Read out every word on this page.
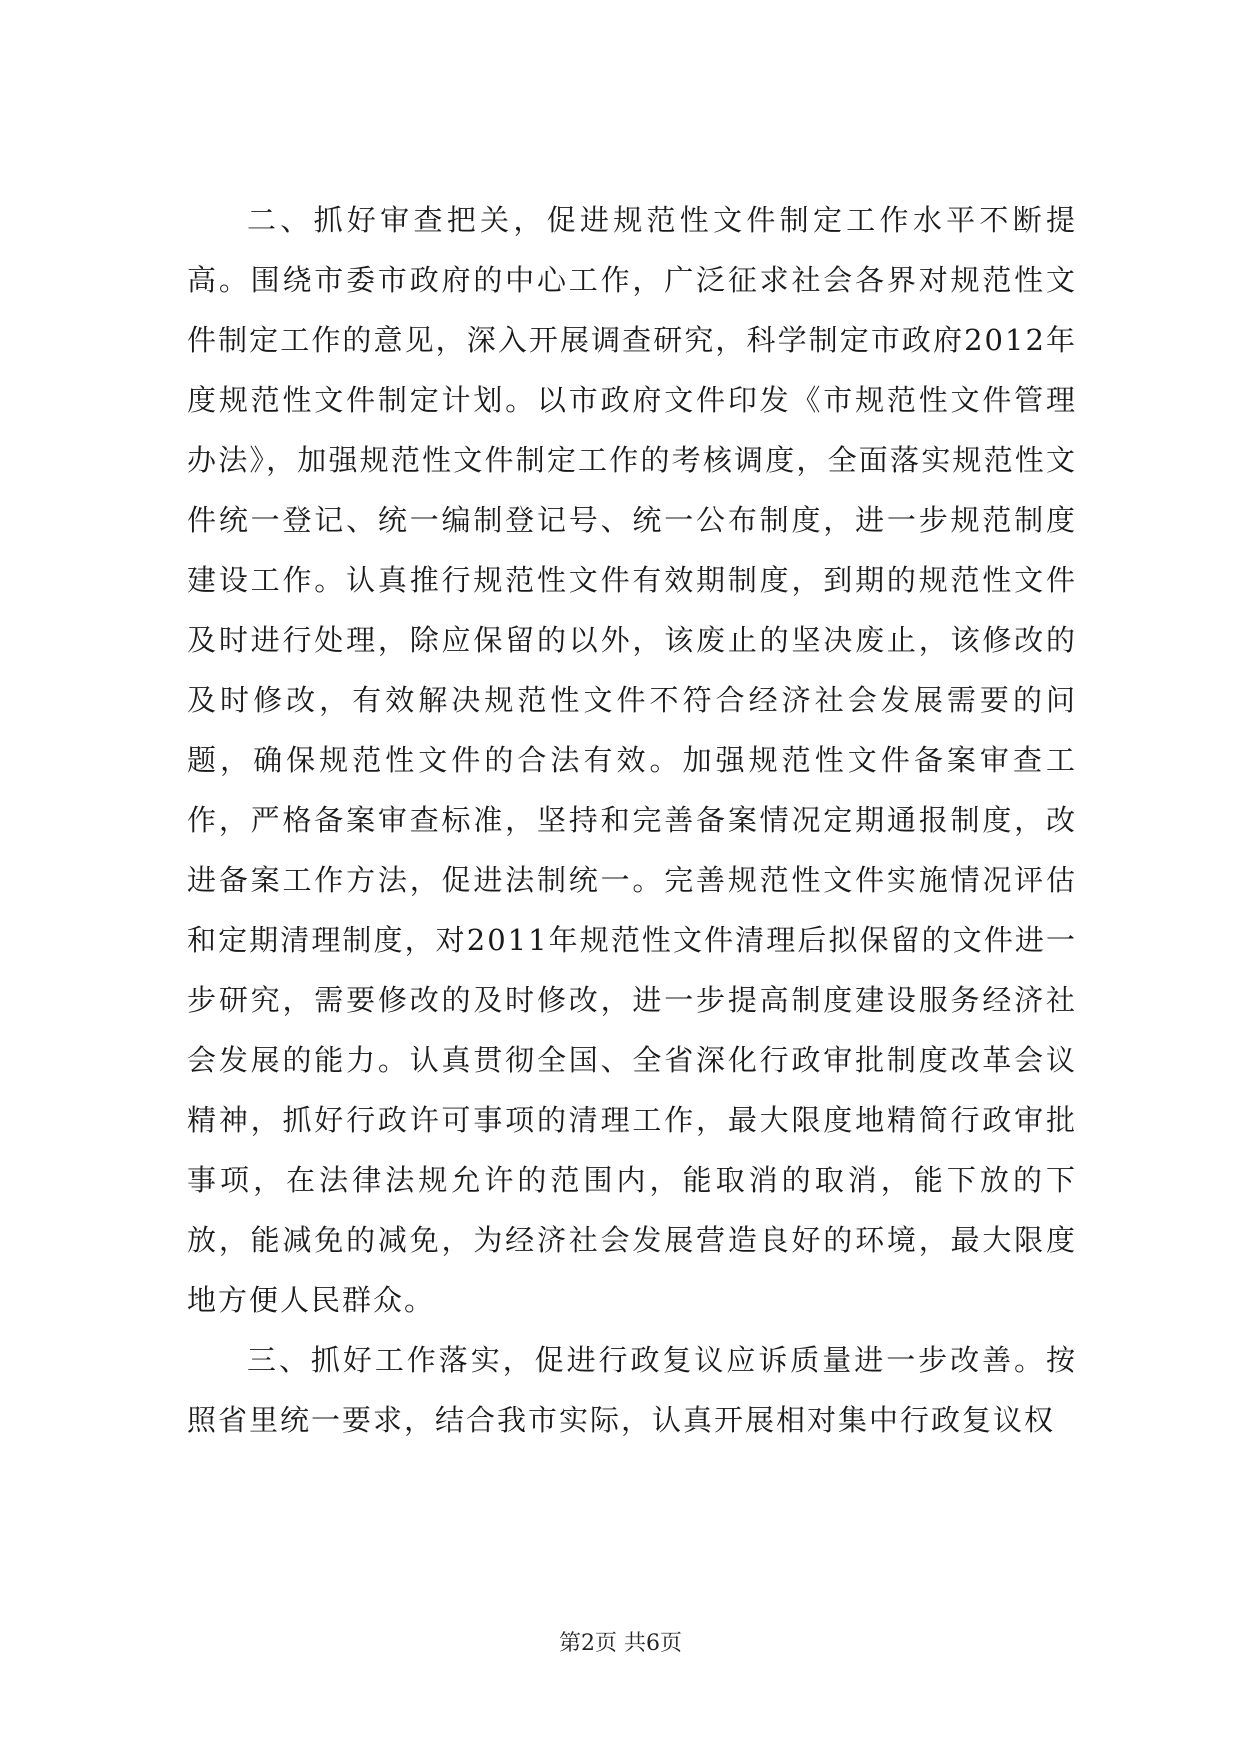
二、抓好审查把关，促进规范性文件制定工作水平不断提高。围绕市委市政府的中心工作，广泛征求社会各界对规范性文件制定工作的意见，深入开展调查研究，科学制定市政府2012年度规范性文件制定计划。以市政府文件印发《市规范性文件管理办法》，加强规范性文件制定工作的考核调度，全面落实规范性文件统一登记、统一编制登记号、统一公布制度，进一步规范制度建设工作。认真推行规范性文件有效期制度，到期的规范性文件及时进行处理，除应保留的以外，该废止的坚决废止，该修改的及时修改，有效解决规范性文件不符合经济社会发展需要的问题，确保规范性文件的合法有效。加强规范性文件备案审查工作，严格备案审查标准，坚持和完善备案情况定期通报制度，改进备案工作方法，促进法制统一。完善规范性文件实施情况评估和定期清理制度，对2011年规范性文件清理后拟保留的文件进一步研究，需要修改的及时修改，进一步提高制度建设服务经济社会发展的能力。认真贯彻全国、全省深化行政审批制度改革会议精神，抓好行政许可事项的清理工作，最大限度地精简行政审批事项，在法律法规允许的范围内，能取消的取消，能下放的下放，能减免的减免，为经济社会发展营造良好的环境，最大限度地方便人民群众。

三、抓好工作落实，促进行政复议应诉质量进一步改善。按照省里统一要求，结合我市实际，认真开展相对集中行政复议权

第2页 共6页
